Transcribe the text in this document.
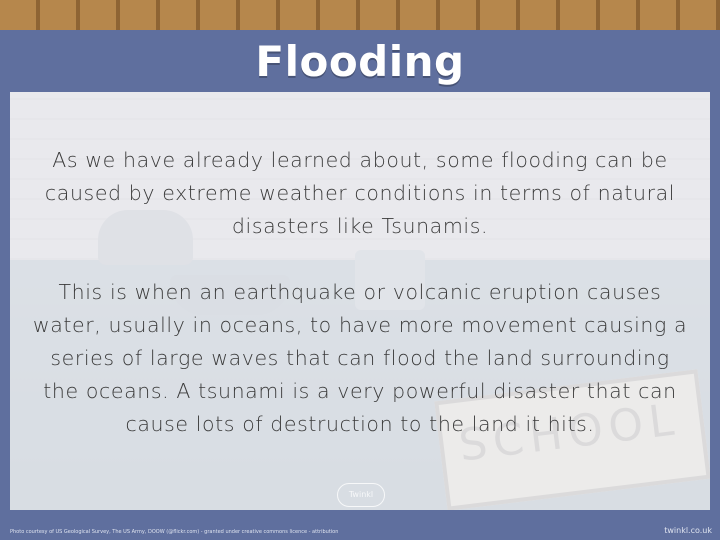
Flooding

As we have already learned about, some flooding can be caused by extreme weather conditions in terms of natural disasters like Tsunamis.

This is when an earthquake or volcanic eruption causes water, usually in oceans, to have more movement causing a series of large waves that can flood the land surrounding the oceans. A tsunami is a very powerful disaster that can cause lots of destruction to the land it hits.

Twinkl
Photo courtesy of US Geological Survey, The US Army, DOOW (@flickr.com) - granted under creative commons licence - attribution	twinkl.co.uk
